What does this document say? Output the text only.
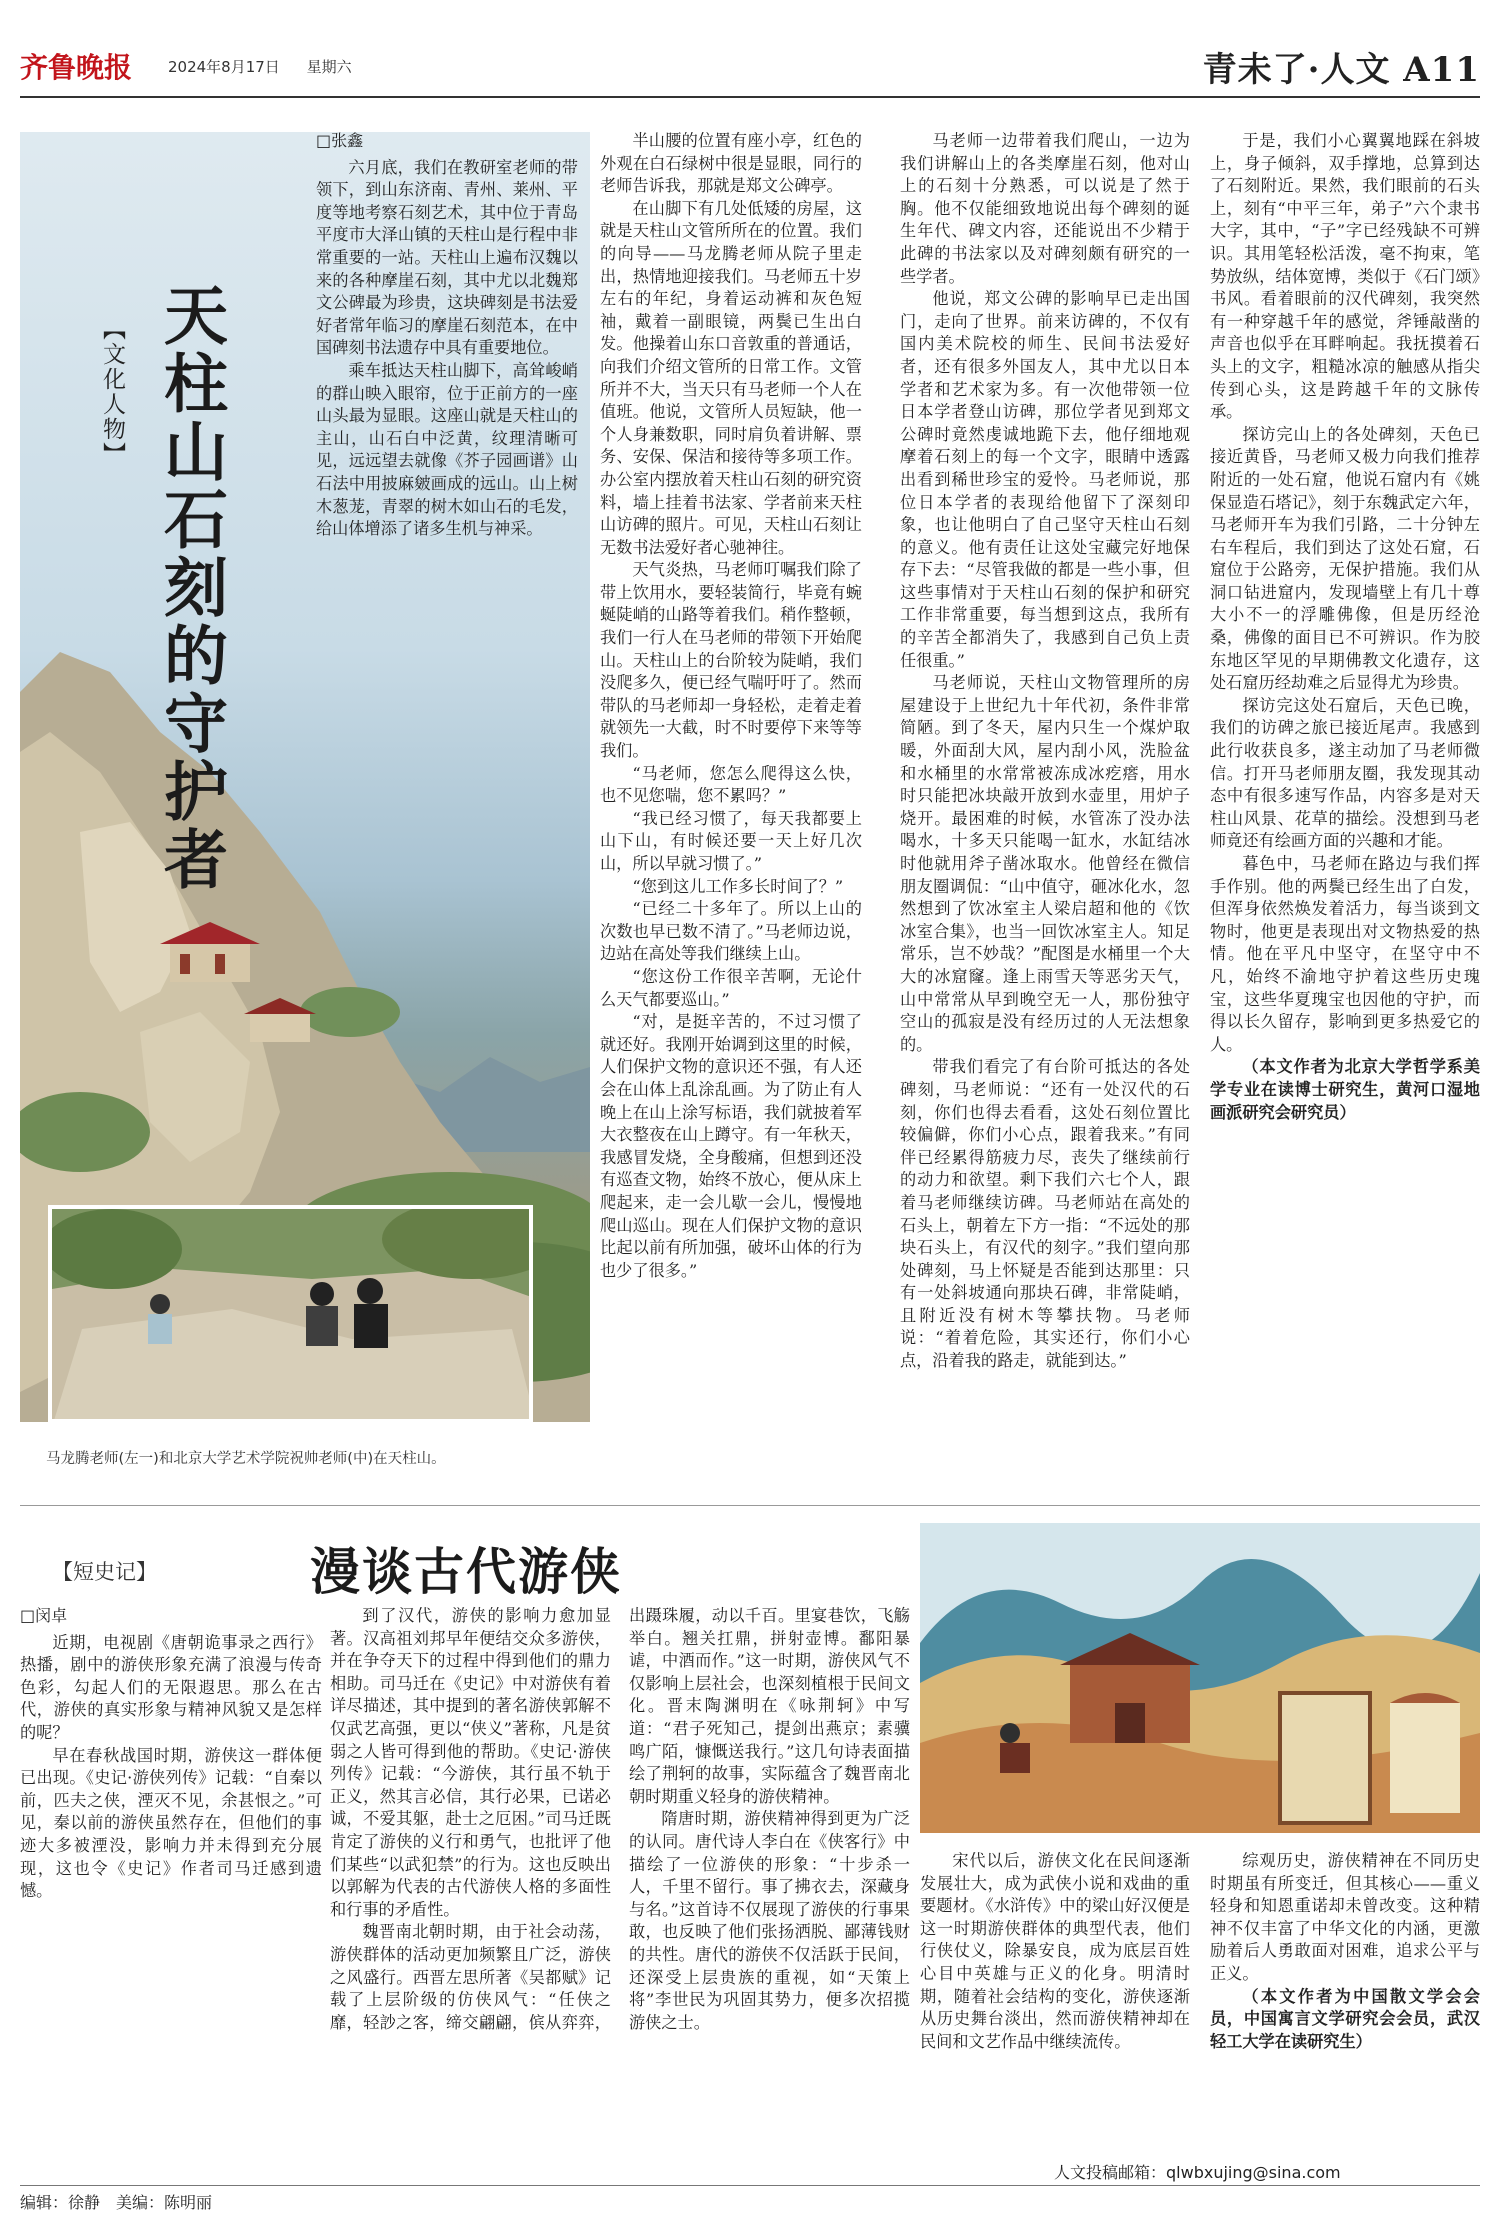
齐鲁晚报 2024年8月17日 星期六	青未了·人文 A11
【文化人物】 天柱山石刻的守护者
马龙腾老师(左一)和北京大学艺术学院祝帅老师(中)在天柱山。

□张鑫

六月底，我们在教研室老师的带领下，到山东济南、青州、莱州、平度等地考察石刻艺术，其中位于青岛平度市大泽山镇的天柱山是行程中非常重要的一站。天柱山上遍布汉魏以来的各种摩崖石刻，其中尤以北魏郑文公碑最为珍贵，这块碑刻是书法爱好者常年临习的摩崖石刻范本，在中国碑刻书法遗存中具有重要地位。

乘车抵达天柱山脚下，高耸峻峭的群山映入眼帘，位于正前方的一座山头最为显眼。这座山就是天柱山的主山，山石白中泛黄，纹理清晰可见，远远望去就像《芥子园画谱》山石法中用披麻皴画成的远山。山上树木葱茏，青翠的树木如山石的毛发，给山体增添了诸多生机与神采。

半山腰的位置有座小亭，红色的外观在白石绿树中很是显眼，同行的老师告诉我，那就是郑文公碑亭。

在山脚下有几处低矮的房屋，这就是天柱山文管所所在的位置。我们的向导——马龙腾老师从院子里走出，热情地迎接我们。马老师五十岁左右的年纪，身着运动裤和灰色短袖，戴着一副眼镜，两鬓已生出白发。他操着山东口音敦重的普通话，向我们介绍文管所的日常工作。文管所并不大，当天只有马老师一个人在值班。他说，文管所人员短缺，他一个人身兼数职，同时肩负着讲解、票务、安保、保洁和接待等多项工作。办公室内摆放着天柱山石刻的研究资料，墙上挂着书法家、学者前来天柱山访碑的照片。可见，天柱山石刻让无数书法爱好者心驰神往。

天气炎热，马老师叮嘱我们除了带上饮用水，要轻装简行，毕竟有蜿蜒陡峭的山路等着我们。稍作整顿，我们一行人在马老师的带领下开始爬山。天柱山上的台阶较为陡峭，我们没爬多久，便已经气喘吁吁了。然而带队的马老师却一身轻松，走着走着就领先一大截，时不时要停下来等等我们。

“马老师，您怎么爬得这么快，也不见您喘，您不累吗？”

“我已经习惯了，每天我都要上山下山，有时候还要一天上好几次山，所以早就习惯了。”

“您到这儿工作多长时间了？”

“已经二十多年了。所以上山的次数也早已数不清了。”马老师边说，边站在高处等我们继续上山。

“您这份工作很辛苦啊，无论什么天气都要巡山。”

“对，是挺辛苦的，不过习惯了就还好。我刚开始调到这里的时候，人们保护文物的意识还不强，有人还会在山体上乱涂乱画。为了防止有人晚上在山上涂写标语，我们就披着军大衣整夜在山上蹲守。有一年秋天，我感冒发烧，全身酸痛，但想到还没有巡查文物，始终不放心，便从床上爬起来，走一会儿歇一会儿，慢慢地爬山巡山。现在人们保护文物的意识比起以前有所加强，破坏山体的行为也少了很多。”

马老师一边带着我们爬山，一边为我们讲解山上的各类摩崖石刻，他对山上的石刻十分熟悉，可以说是了然于胸。他不仅能细致地说出每个碑刻的诞生年代、碑文内容，还能说出不少精于此碑的书法家以及对碑刻颇有研究的一些学者。

他说，郑文公碑的影响早已走出国门，走向了世界。前来访碑的，不仅有国内美术院校的师生、民间书法爱好者，还有很多外国友人，其中尤以日本学者和艺术家为多。有一次他带领一位日本学者登山访碑，那位学者见到郑文公碑时竟然虔诚地跪下去，他仔细地观摩着石刻上的每一个文字，眼睛中透露出看到稀世珍宝的爱怜。马老师说，那位日本学者的表现给他留下了深刻印象，也让他明白了自己坚守天柱山石刻的意义。他有责任让这处宝藏完好地保存下去：“尽管我做的都是一些小事，但这些事情对于天柱山石刻的保护和研究工作非常重要，每当想到这点，我所有的辛苦全都消失了，我感到自己负上责任很重。”

马老师说，天柱山文物管理所的房屋建设于上世纪九十年代初，条件非常简陋。到了冬天，屋内只生一个煤炉取暖，外面刮大风，屋内刮小风，洗脸盆和水桶里的水常常被冻成冰疙瘩，用水时只能把冰块敲开放到水壶里，用炉子烧开。最困难的时候，水管冻了没办法喝水，十多天只能喝一缸水，水缸结冰时他就用斧子凿冰取水。他曾经在微信朋友圈调侃：“山中值守，砸冰化水，忽然想到了饮冰室主人梁启超和他的《饮冰室合集》，也当一回饮冰室主人。知足常乐，岂不妙哉？”配图是水桶里一个大大的冰窟窿。逢上雨雪天等恶劣天气，山中常常从早到晚空无一人，那份独守空山的孤寂是没有经历过的人无法想象的。

带我们看完了有台阶可抵达的各处碑刻，马老师说：“还有一处汉代的石刻，你们也得去看看，这处石刻位置比较偏僻，你们小心点，跟着我来。”有同伴已经累得筋疲力尽，丧失了继续前行的动力和欲望。剩下我们六七个人，跟着马老师继续访碑。马老师站在高处的石头上，朝着左下方一指：“不远处的那块石头上，有汉代的刻字。”我们望向那处碑刻，马上怀疑是否能到达那里：只有一处斜坡通向那块石碑，非常陡峭，且附近没有树木等攀扶物。马老师说：“着着危险，其实还行，你们小心点，沿着我的路走，就能到达。”

于是，我们小心翼翼地踩在斜坡上，身子倾斜，双手撑地，总算到达了石刻附近。果然，我们眼前的石头上，刻有“中平三年，弟子”六个隶书大字，其中，“子”字已经残缺不可辨识。其用笔轻松活泼，毫不拘束，笔势放纵，结体宽博，类似于《石门颂》书风。看着眼前的汉代碑刻，我突然有一种穿越千年的感觉，斧锤敲凿的声音也似乎在耳畔响起。我抚摸着石头上的文字，粗糙冰凉的触感从指尖传到心头，这是跨越千年的文脉传承。

探访完山上的各处碑刻，天色已接近黄昏，马老师又极力向我们推荐附近的一处石窟，他说石窟内有《姚保显造石塔记》，刻于东魏武定六年，马老师开车为我们引路，二十分钟左右车程后，我们到达了这处石窟，石窟位于公路旁，无保护措施。我们从洞口钻进窟内，发现墙壁上有几十尊大小不一的浮雕佛像，但是历经沧桑，佛像的面目已不可辨识。作为胶东地区罕见的早期佛教文化遗存，这处石窟历经劫难之后显得尤为珍贵。

探访完这处石窟后，天色已晚，我们的访碑之旅已接近尾声。我感到此行收获良多，遂主动加了马老师微信。打开马老师朋友圈，我发现其动态中有很多速写作品，内容多是对天柱山风景、花草的描绘。没想到马老师竟还有绘画方面的兴趣和才能。

暮色中，马老师在路边与我们挥手作别。他的两鬓已经生出了白发，但浑身依然焕发着活力，每当谈到文物时，他更是表现出对文物热爱的热情。他在平凡中坚守，在坚守中不凡，始终不渝地守护着这些历史瑰宝，这些华夏瑰宝也因他的守护，而得以长久留存，影响到更多热爱它的人。

（本文作者为北京大学哲学系美学专业在读博士研究生，黄河口湿地画派研究会研究员）

【短史记】	漫谈古代游侠

□闵卓

近期，电视剧《唐朝诡事录之西行》热播，剧中的游侠形象充满了浪漫与传奇色彩，勾起人们的无限遐思。那么在古代，游侠的真实形象与精神风貌又是怎样的呢？

早在春秋战国时期，游侠这一群体便已出现。《史记·游侠列传》记载：“自秦以前，匹夫之侠，湮灭不见，余甚恨之。”可见，秦以前的游侠虽然存在，但他们的事迹大多被湮没，影响力并未得到充分展现，这也令《史记》作者司马迁感到遗憾。

到了汉代，游侠的影响力愈加显著。汉高祖刘邦早年便结交众多游侠，并在争夺天下的过程中得到他们的鼎力相助。司马迁在《史记》中对游侠有着详尽描述，其中提到的著名游侠郭解不仅武艺高强，更以“侠义”著称，凡是贫弱之人皆可得到他的帮助。《史记·游侠列传》记载：“今游侠，其行虽不轨于正义，然其言必信，其行必果，已诺必诚，不爱其躯，赴士之厄困。”司马迁既肯定了游侠的义行和勇气，也批评了他们某些“以武犯禁”的行为。这也反映出以郭解为代表的古代游侠人格的多面性和行事的矛盾性。

魏晋南北朝时期，由于社会动荡，游侠群体的活动更加频繁且广泛，游侠之风盛行。西晋左思所著《吴都赋》记载了上层阶级的仿侠风气：“任侠之靡，轻訬之客，缔交翩翩，傧从弈弈，出蹑珠履，动以千百。里宴巷饮，飞觞举白。翘关扛鼎，拼射壶博。鄱阳暴谑，中酒而作。”这一时期，游侠风气不仅影响上层社会，也深刻植根于民间文化。晋末陶渊明在《咏荆轲》中写道：“君子死知己，提剑出燕京；素骥鸣广陌，慷慨送我行。”这几句诗表面描绘了荆轲的故事，实际蕴含了魏晋南北朝时期重义轻身的游侠精神。

隋唐时期，游侠精神得到更为广泛的认同。唐代诗人李白在《侠客行》中描绘了一位游侠的形象：“十步杀一人，千里不留行。事了拂衣去，深藏身与名。”这首诗不仅展现了游侠的行事果敢，也反映了他们张扬洒脱、鄙薄钱财的共性。唐代的游侠不仅活跃于民间，还深受上层贵族的重视，如“天策上将”李世民为巩固其势力，便多次招揽游侠之士。

宋代以后，游侠文化在民间逐渐发展壮大，成为武侠小说和戏曲的重要题材。《水浒传》中的梁山好汉便是这一时期游侠群体的典型代表，他们行侠仗义，除暴安良，成为底层百姓心目中英雄与正义的化身。明清时期，随着社会结构的变化，游侠逐渐从历史舞台淡出，然而游侠精神却在民间和文艺作品中继续流传。

综观历史，游侠精神在不同历史时期虽有所变迁，但其核心——重义轻身和知恩重诺却未曾改变。这种精神不仅丰富了中华文化的内涵，更激励着后人勇敢面对困难，追求公平与正义。

（本文作者为中国散文学会会员，中国寓言文学研究会会员，武汉轻工大学在读研究生）

人文投稿邮箱：qlwbxujing@sina.com
编辑：徐静　美编：陈明丽
